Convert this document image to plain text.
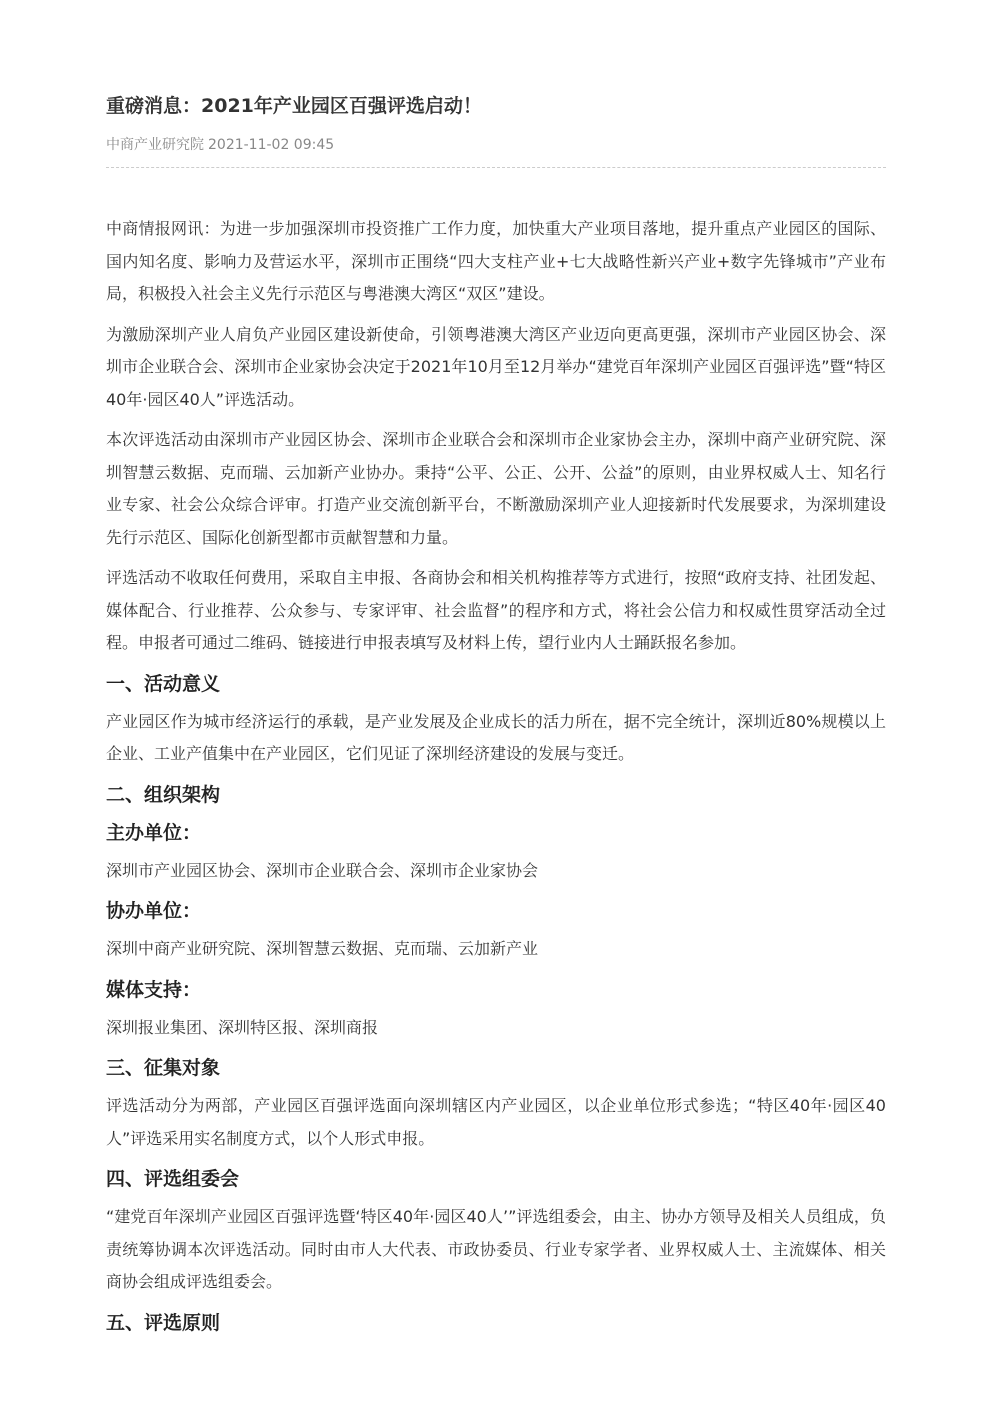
重磅消息：2021年产业园区百强评选启动！
中商产业研究院 2021-11-02 09:45

中商情报网讯：为进一步加强深圳市投资推广工作力度，加快重大产业项目落地，提升重点产业园区的国际、国内知名度、影响力及营运水平，深圳市正围绕“四大支柱产业+七大战略性新兴产业+数字先锋城市”产业布局，积极投入社会主义先行示范区与粤港澳大湾区“双区”建设。

为激励深圳产业人肩负产业园区建设新使命，引领粤港澳大湾区产业迈向更高更强，深圳市产业园区协会、深圳市企业联合会、深圳市企业家协会决定于2021年10月至12月举办“建党百年深圳产业园区百强评选”暨“特区40年·园区40人”评选活动。

本次评选活动由深圳市产业园区协会、深圳市企业联合会和深圳市企业家协会主办，深圳中商产业研究院、深圳智慧云数据、克而瑞、云加新产业协办。秉持“公平、公正、公开、公益”的原则，由业界权威人士、知名行业专家、社会公众综合评审。打造产业交流创新平台，不断激励深圳产业人迎接新时代发展要求，为深圳建设先行示范区、国际化创新型都市贡献智慧和力量。

评选活动不收取任何费用，采取自主申报、各商协会和相关机构推荐等方式进行，按照“政府支持、社团发起、媒体配合、行业推荐、公众参与、专家评审、社会监督”的程序和方式，将社会公信力和权威性贯穿活动全过程。申报者可通过二维码、链接进行申报表填写及材料上传，望行业内人士踊跃报名参加。

一、活动意义

产业园区作为城市经济运行的承载，是产业发展及企业成长的活力所在，据不完全统计，深圳近80%规模以上企业、工业产值集中在产业园区，它们见证了深圳经济建设的发展与变迁。

二、组织架构
主办单位：

深圳市产业园区协会、深圳市企业联合会、深圳市企业家协会

协办单位：

深圳中商产业研究院、深圳智慧云数据、克而瑞、云加新产业

媒体支持：

深圳报业集团、深圳特区报、深圳商报

三、征集对象

评选活动分为两部，产业园区百强评选面向深圳辖区内产业园区，以企业单位形式参选；“特区40年·园区40人”评选采用实名制度方式，以个人形式申报。

四、评选组委会

“建党百年深圳产业园区百强评选暨‘特区40年·园区40人’”评选组委会，由主、协办方领导及相关人员组成，负责统筹协调本次评选活动。同时由市人大代表、市政协委员、行业专家学者、业界权威人士、主流媒体、相关商协会组成评选组委会。

五、评选原则
